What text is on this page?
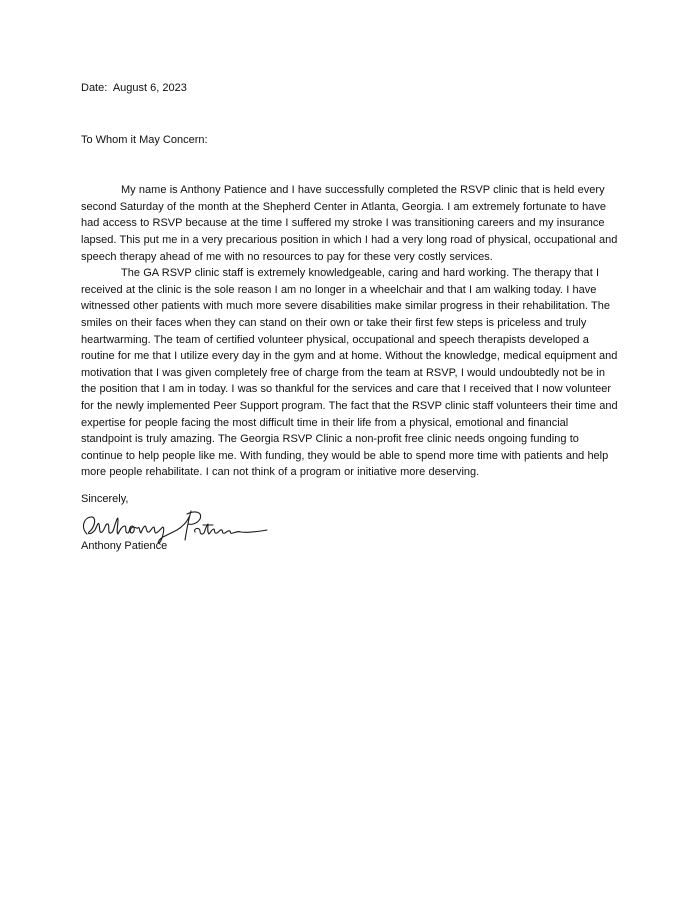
Date: August 6, 2023

To Whom it May Concern:

My name is Anthony Patience and I have successfully completed the RSVP clinic that is held every second Saturday of the month at the Shepherd Center in Atlanta, Georgia. I am extremely fortunate to have had access to RSVP because at the time I suffered my stroke I was transitioning careers and my insurance lapsed. This put me in a very precarious position in which I had a very long road of physical, occupational and speech therapy ahead of me with no resources to pay for these very costly services.

The GA RSVP clinic staff is extremely knowledgeable, caring and hard working. The therapy that I received at the clinic is the sole reason I am no longer in a wheelchair and that I am walking today. I have witnessed other patients with much more severe disabilities make similar progress in their rehabilitation. The smiles on their faces when they can stand on their own or take their first few steps is priceless and truly heartwarming. The team of certified volunteer physical, occupational and speech therapists developed a routine for me that I utilize every day in the gym and at home. Without the knowledge, medical equipment and motivation that I was given completely free of charge from the team at RSVP, I would undoubtedly not be in the position that I am in today. I was so thankful for the services and care that I received that I now volunteer for the newly implemented Peer Support program. The fact that the RSVP clinic staff volunteers their time and expertise for people facing the most difficult time in their life from a physical, emotional and financial standpoint is truly amazing. The Georgia RSVP Clinic a non-profit free clinic needs ongoing funding to continue to help people like me. With funding, they would be able to spend more time with patients and help more people rehabilitate. I can not think of a program or initiative more deserving.

Sincerely,

Anthony Patience
